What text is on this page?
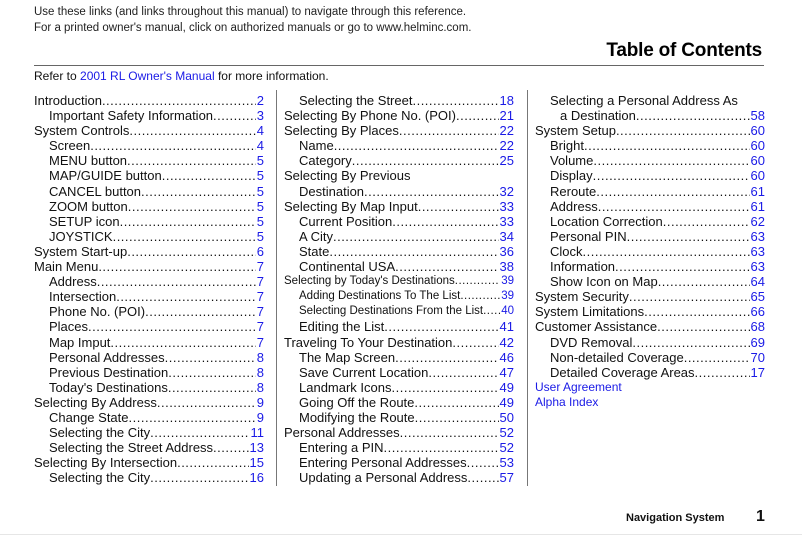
Use these links (and links throughout this manual) to navigate through this reference.
For a printed owner's manual, click on authorized manuals or go to www.helminc.com.
Table of Contents
Refer to 2001 RL Owner's Manual for more information.
Introduction .....	2
Important Safety Information .....	3
System Controls .....	4
Screen .....	4
MENU button .....	5
MAP/GUIDE button .....	5
CANCEL button .....	5
ZOOM button .....	5
SETUP icon .....	5
JOYSTICK .....	5
System Start-up .....	6
Main Menu .....	7
Address .....	7
Intersection .....	7
Phone No. (POI) .....	7
Places .....	7
Map Imput .....	7
Personal Addresses .....	8
Previous Destination .....	8
Today's Destinations .....	8
Selecting By Address .....	9
Change State .....	9
Selecting the City .....	11
Selecting the Street Address .....	13
Selecting By Intersection .....	15
Selecting the City .....	16
Selecting the Street .....	18
Selecting By Phone No. (POI) .....	21
Selecting By Places .....	22
Name .....	22
Category .....	25
Selecting By Previous
Destination .....	32
Selecting By Map Input .....	33
Current Position .....	33
A City .....	34
State .....	36
Continental USA .....	38
Selecting by Today's Destinations .....	39
Adding Destinations To The List .....	39
Selecting Destinations From the List ..... 40
Editing the List .....	41
Traveling To Your Destination .....	42
The Map Screen .....	46
Save Current Location .....	47
Landmark Icons .....	49
Going Off the Route .....	49
Modifying the Route .....	50
Personal Addresses .....	52
Entering a PIN .....	52
Entering Personal Addresses .....	53
Updating a Personal Address ..... 57
Selecting a Personal Address As
a Destination .....	58
System Setup .....	60
Bright .....	60
Volume .....	60
Display .....	60
Reroute .....	61
Address .....	61
Location Correction .....	62
Personal PIN .....	63
Clock .....	63
Information .....	63
Show Icon on Map .....	64
System Security .....	65
System Limitations .....	66
Customer Assistance .....	68
DVD Removal .....	69
Non-detailed Coverage .....	70
Detailed Coverage Areas .....	17
User Agreement
Alpha Index
Navigation System 1
